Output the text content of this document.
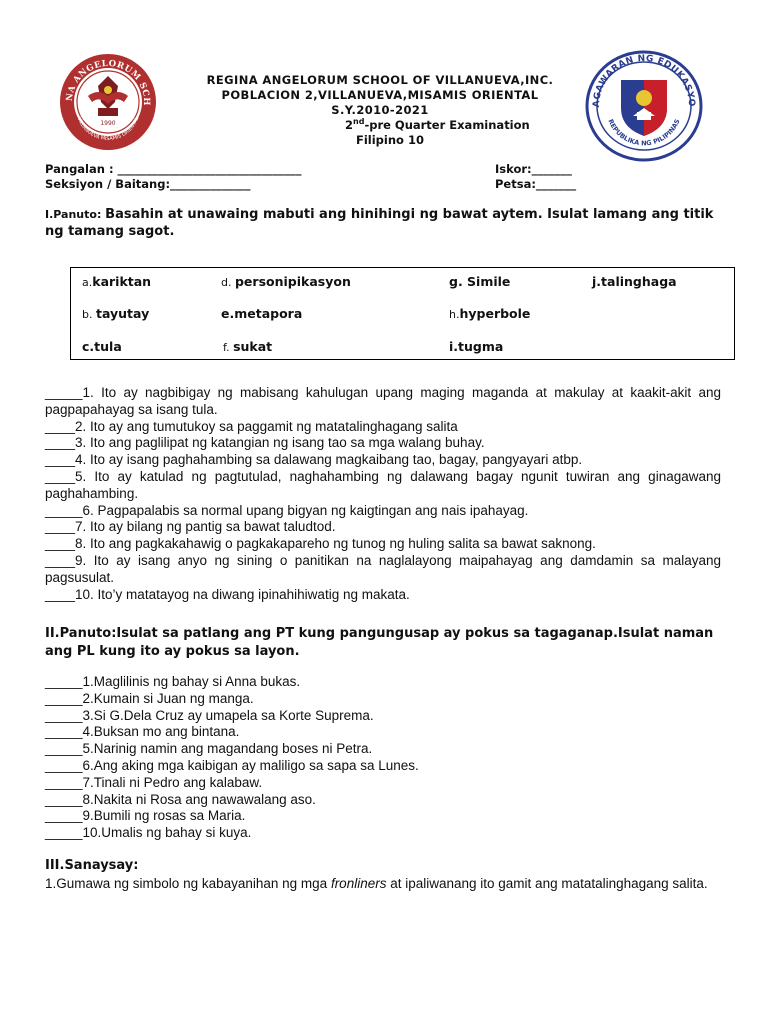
NA ANGELORUM SCH
VILLANUEVA MISAMIS ORIENTAL
1990
AGAWARAN NG EDUKASYO
REPUBLIKA NG PILIPINAS
REGINA ANGELORUM SCHOOL OF VILLANUEVA,INC.
POBLACION 2,VILLANUEVA,MISAMIS ORIENTAL
S.Y.2010-2021
2nd-pre Quarter Examination
Filipino 10
Pangalan : ________________________________
Seksiyon / Baitang:______________
Iskor:_______
Petsa:_______
I.Panuto: Basahin at unawaing mabuti ang hinihingi ng bawat aytem. Isulat lamang ang titik ng tamang sagot.
a.kariktan	d. personipikasyon	g. Simile	j.talinghaga
b. tayutay	e.metapora	h.hyperbole
c.tula	f. sukat	i.tugma
_____1. Ito ay nagbibigay ng mabisang kahulugan upang maging maganda at makulay at kaakit-akit ang pagpapahayag sa isang tula.
____2. Ito ay ang tumutukoy sa paggamit ng matatalinghagang salita
____3. Ito ang paglilipat ng katangian ng isang tao sa mga walang buhay.
____4. Ito ay isang paghahambing sa dalawang magkaibang tao, bagay, pangyayari atbp.
____5. Ito ay katulad ng pagtutulad, naghahambing ng dalawang bagay ngunit tuwiran ang ginagawang paghahambing.
_____6. Pagpapalabis sa normal upang bigyan ng kaigtingan ang nais ipahayag.
____7. Ito ay bilang ng pantig sa bawat taludtod.
____8. Ito ang pagkakahawig o pagkakapareho ng tunog ng huling salita sa bawat saknong.
____9. Ito ay isang anyo ng sining o panitikan na naglalayong maipahayag ang damdamin sa malayang pagsusulat.
____10. Ito’y matatayog na diwang ipinahihiwatig ng makata.
II.Panuto:Isulat sa patlang ang PT kung pangungusap ay pokus sa tagaganap.Isulat naman ang PL kung ito ay pokus sa layon.
_____1.Maglilinis ng bahay si Anna bukas.
_____2.Kumain si Juan ng manga.
_____3.Si G.Dela Cruz ay umapela sa Korte Suprema.
_____4.Buksan mo ang bintana.
_____5.Narinig namin ang magandang boses ni Petra.
_____6.Ang aking mga kaibigan ay maliligo sa sapa sa Lunes.
_____7.Tinali ni Pedro ang kalabaw.
_____8.Nakita ni Rosa ang nawawalang aso.
_____9.Bumili ng rosas sa Maria.
_____10.Umalis ng bahay si kuya.
III.Sanaysay:
1.Gumawa ng simbolo ng kabayanihan ng mga fronliners at ipaliwanang ito gamit ang matatalinghagang salita.
